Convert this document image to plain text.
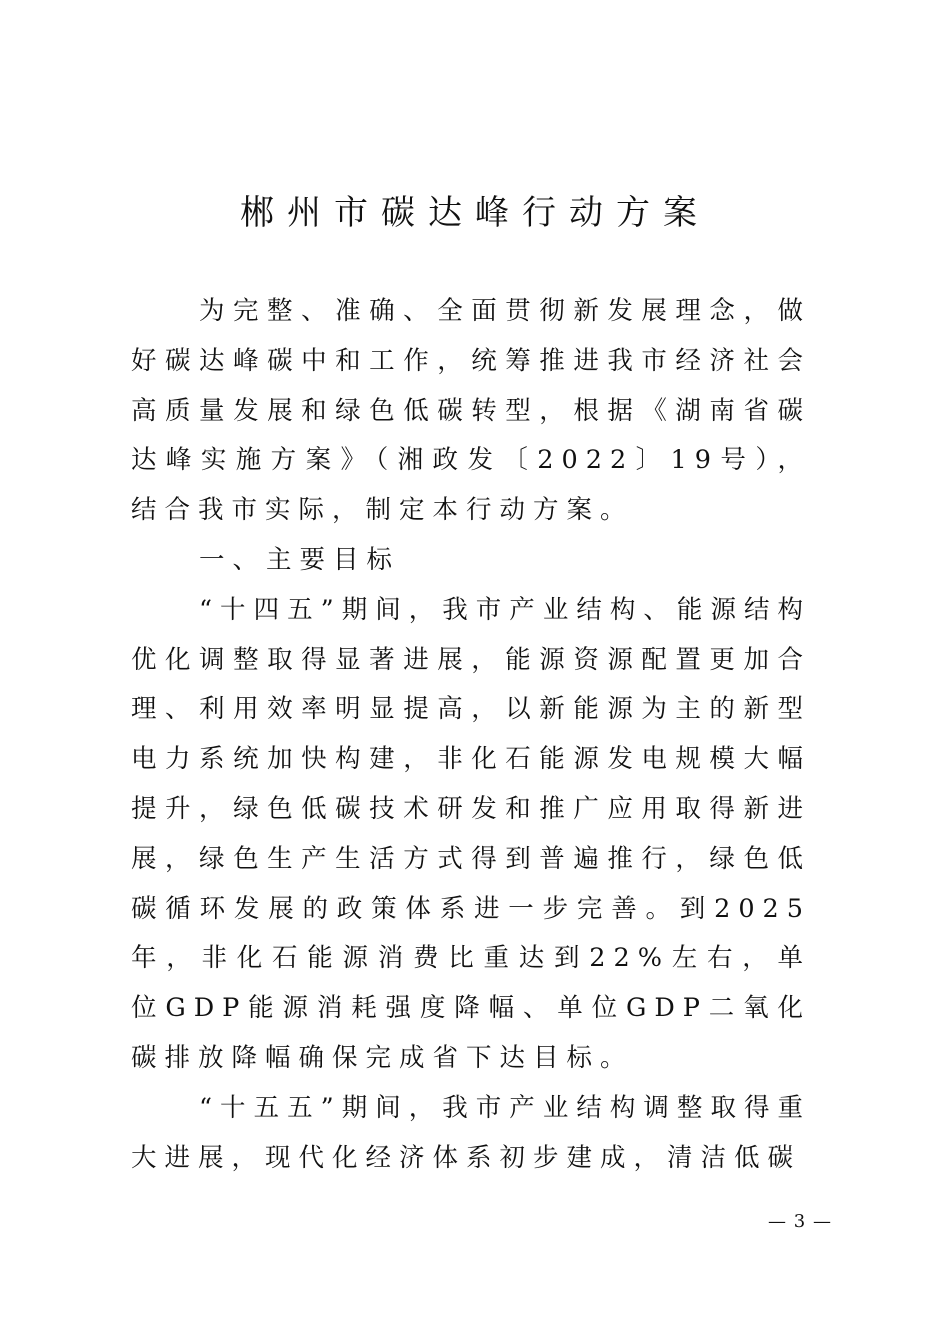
郴州市碳达峰行动方案

为完整、准确、全面贯彻新发展理念，做好碳达峰碳中和工作，统筹推进我市经济社会高质量发展和绿色低碳转型，根据《湖南省碳达峰实施方案》（湘政发〔2022〕19号），结合我市实际，制定本行动方案。

一、主要目标

“十四五”期间，我市产业结构、能源结构优化调整取得显著进展，能源资源配置更加合理、利用效率明显提高，以新能源为主的新型电力系统加快构建，非化石能源发电规模大幅提升，绿色低碳技术研发和推广应用取得新进展，绿色生产生活方式得到普遍推行，绿色低碳循环发展的政策体系进一步完善。到2025年，非化石能源消费比重达到22%左右，单位GDP能源消耗强度降幅、单位GDP二氧化碳排放降幅确保完成省下达目标。

“十五五”期间，我市产业结构调整取得重大进展，现代化经济体系初步建成，清洁低碳

— 3 —
